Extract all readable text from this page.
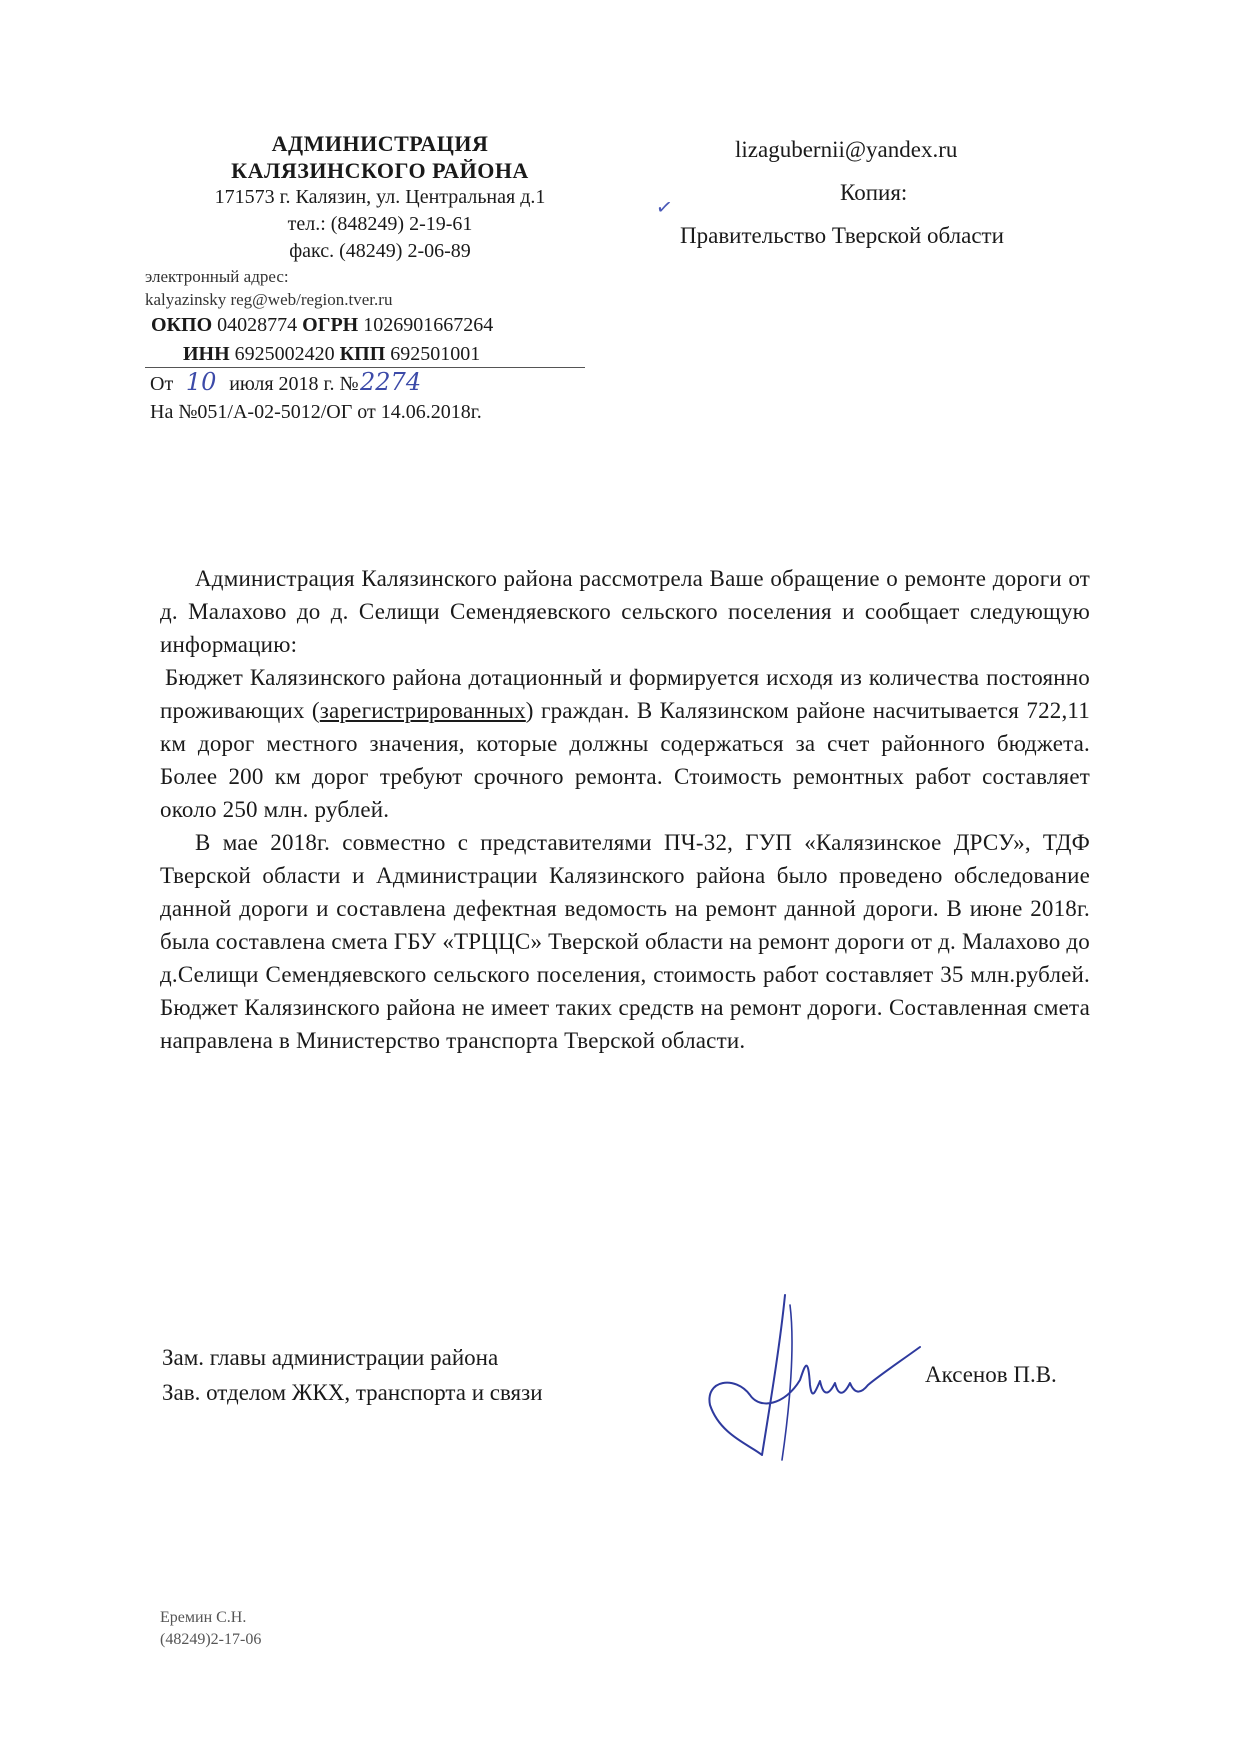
АДМИНИСТРАЦИЯ
КАЛЯЗИНСКОГО РАЙОНА
171573 г. Калязин, ул. Центральная д.1
тел.: (848249) 2-19-61
факс. (48249) 2-06-89
электронный адрес:
kalyazinsky reg@web/region.tver.ru
ОКПО 04028774 ОГРН 1026901667264
ИНН 6925002420 КПП 692501001
От 10 июля 2018 г. №2274
На №051/А-02-5012/ОГ от 14.06.2018г.
lizagubernii@yandex.ru
Копия:
Правительство Тверской области
✓

Администрация Калязинского района рассмотрела Ваше обращение о ремонте дороги от д. Малахово до д. Селищи Семендяевского сельского поселения и сообщает следующую информацию:

Бюджет Калязинского района дотационный и формируется исходя из количества постоянно проживающих (зарегистрированных) граждан. В Калязинском районе насчитывается 722,11 км дорог местного значения, которые должны содержаться за счет районного бюджета. Более 200 км дорог требуют срочного ремонта. Стоимость ремонтных работ составляет около 250 млн. рублей.

В мае 2018г. совместно с представителями ПЧ-32, ГУП «Калязинское ДРСУ», ТДФ Тверской области и Администрации Калязинского района было проведено обследование данной дороги и составлена дефектная ведомость на ремонт данной дороги. В июне 2018г. была составлена смета ГБУ «ТРЦЦС» Тверской области на ремонт дороги от д. Малахово до д.Селищи Семендяевского сельского поселения, стоимость работ составляет 35 млн.рублей. Бюджет Калязинского района не имеет таких средств на ремонт дороги. Составленная смета направлена в Министерство транспорта Тверской области.

Зам. главы администрации района
Зав. отделом ЖКХ, транспорта и связи
Аксенов П.В.
Еремин С.Н.
(48249)2-17-06
